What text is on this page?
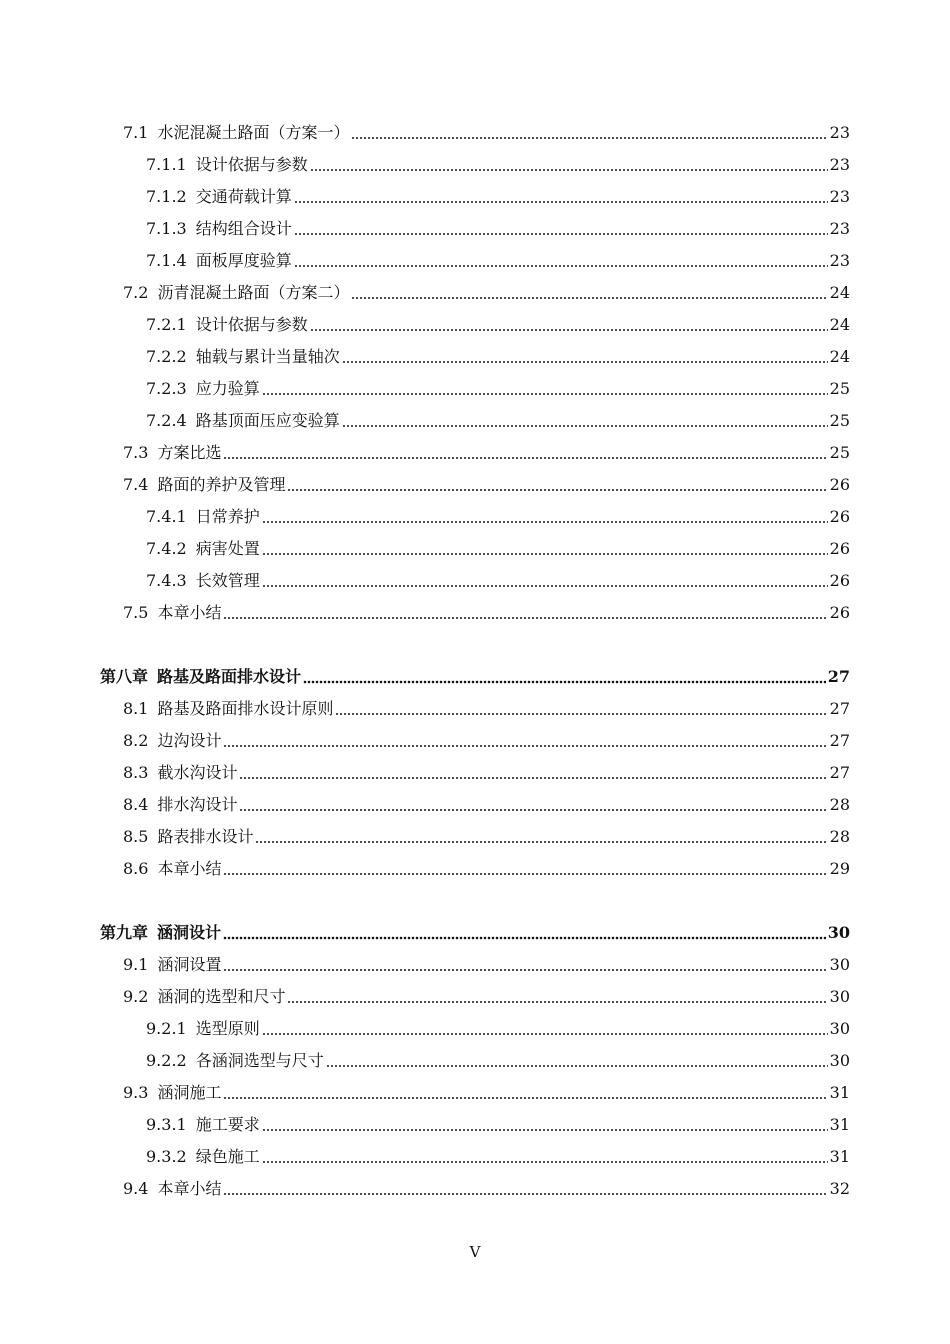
7.1 水泥混凝土路面（方案一）	23
7.1.1 设计依据与参数	23
7.1.2 交通荷载计算	23
7.1.3 结构组合设计	23
7.1.4 面板厚度验算	23
7.2 沥青混凝土路面（方案二）	24
7.2.1 设计依据与参数	24
7.2.2 轴载与累计当量轴次	24
7.2.3 应力验算	25
7.2.4 路基顶面压应变验算	25
7.3 方案比选	25
7.4 路面的养护及管理	26
7.4.1 日常养护	26
7.4.2 病害处置	26
7.4.3 长效管理	26
7.5 本章小结	26
第八章 路基及路面排水设计	27
8.1 路基及路面排水设计原则	27
8.2 边沟设计	27
8.3 截水沟设计	27
8.4 排水沟设计	28
8.5 路表排水设计	28
8.6 本章小结	29
第九章 涵洞设计	30
9.1 涵洞设置	30
9.2 涵洞的选型和尺寸	30
9.2.1 选型原则	30
9.2.2 各涵洞选型与尺寸	30
9.3 涵洞施工	31
9.3.1 施工要求	31
9.3.2 绿色施工	31
9.4 本章小结	32
V
